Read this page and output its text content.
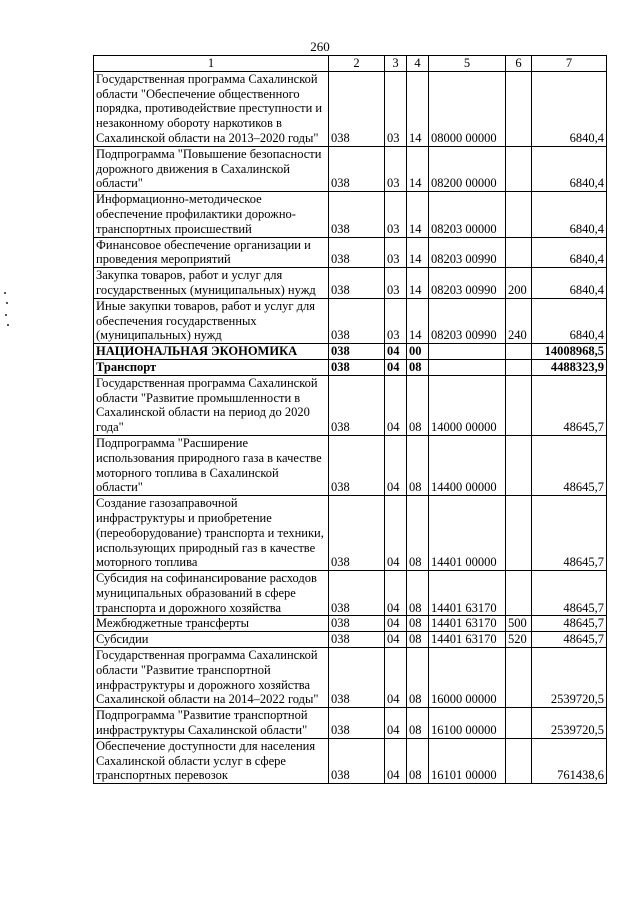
260
1	2	3	4	5	6	7
Государственная программа Сахалинской области "Обеспечение общественного порядка, противодействие преступности и незаконному обороту наркотиков в Сахалинской области на 2013–2020 годы"	038	03	14	08000 00000		6840,4
Подпрограмма "Повышение безопасности дорожного движения в Сахалинской области"	038	03	14	08200 00000		6840,4
Информационно-методическое обеспечение профилактики дорожно-транспортных происшествий	038	03	14	08203 00000		6840,4
Финансовое обеспечение организации и проведения мероприятий	038	03	14	08203 00990		6840,4
Закупка товаров, работ и услуг для государственных (муниципальных) нужд	038	03	14	08203 00990	200	6840,4
Иные закупки товаров, работ и услуг для обеспечения государственных (муниципальных) нужд	038	03	14	08203 00990	240	6840,4
НАЦИОНАЛЬНАЯ ЭКОНОМИКА	038	04	00			14008968,5
Транспорт	038	04	08			4488323,9
Государственная программа Сахалинской области "Развитие промышленности в Сахалинской области на период до 2020 года"	038	04	08	14000 00000		48645,7
Подпрограмма "Расширение использования природного газа в качестве моторного топлива в Сахалинской области"	038	04	08	14400 00000		48645,7
Создание газозаправочной инфраструктуры и приобретение (переоборудование) транспорта и техники, использующих природный газ в качестве моторного топлива	038	04	08	14401 00000		48645,7
Субсидия на софинансирование расходов муниципальных образований в сфере транспорта и дорожного хозяйства	038	04	08	14401 63170		48645,7
Межбюджетные трансферты	038	04	08	14401 63170	500	48645,7
Субсидии	038	04	08	14401 63170	520	48645,7
Государственная программа Сахалинской области "Развитие транспортной инфраструктуры и дорожного хозяйства Сахалинской области на 2014–2022 годы"	038	04	08	16000 00000		2539720,5
Подпрограмма "Развитие транспортной инфраструктуры Сахалинской области"	038	04	08	16100 00000		2539720,5
Обеспечение доступности для населения Сахалинской области услуг в сфере транспортных перевозок	038	04	08	16101 00000		761438,6
